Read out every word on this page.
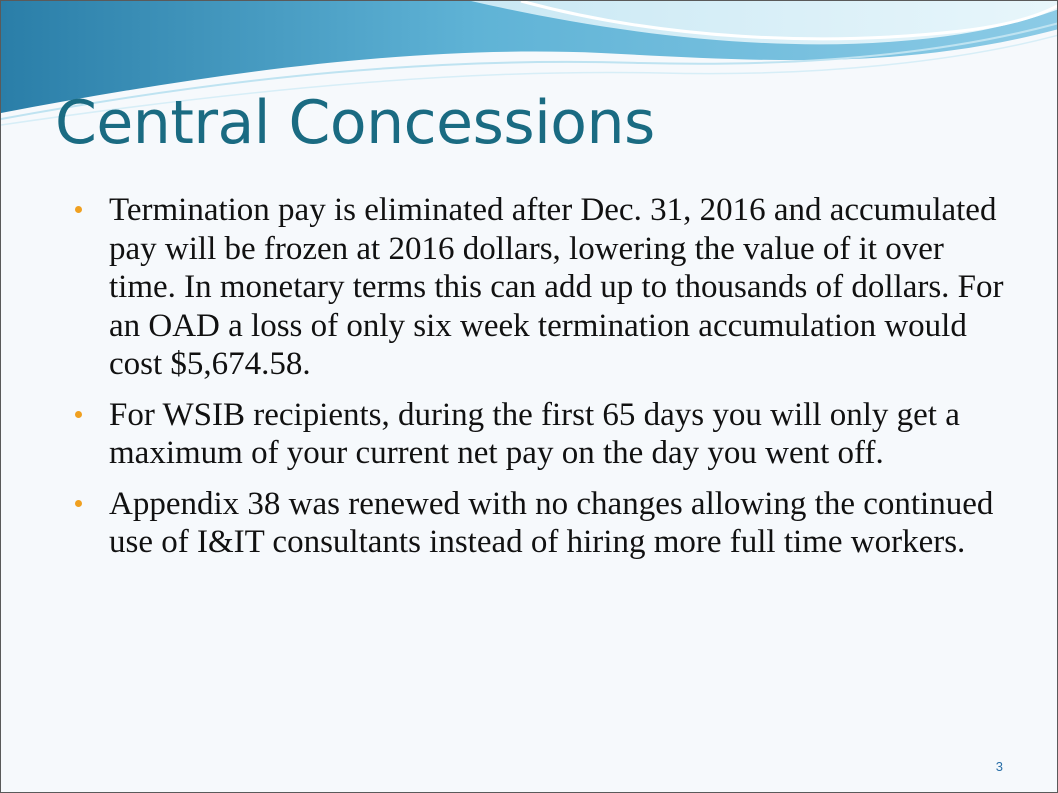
Central Concessions
Termination pay is eliminated after Dec. 31, 2016 and accumulated pay will be frozen at 2016 dollars, lowering the value of it over time. In monetary terms this can add up to thousands of dollars. For an OAD a loss of only six week termination accumulation would cost $5,674.58.
For WSIB recipients, during the first 65 days you will only get a maximum of your current net pay on the day you went off.
Appendix 38 was renewed with no changes allowing the continued use of I&IT consultants instead of hiring more full time workers.
3
